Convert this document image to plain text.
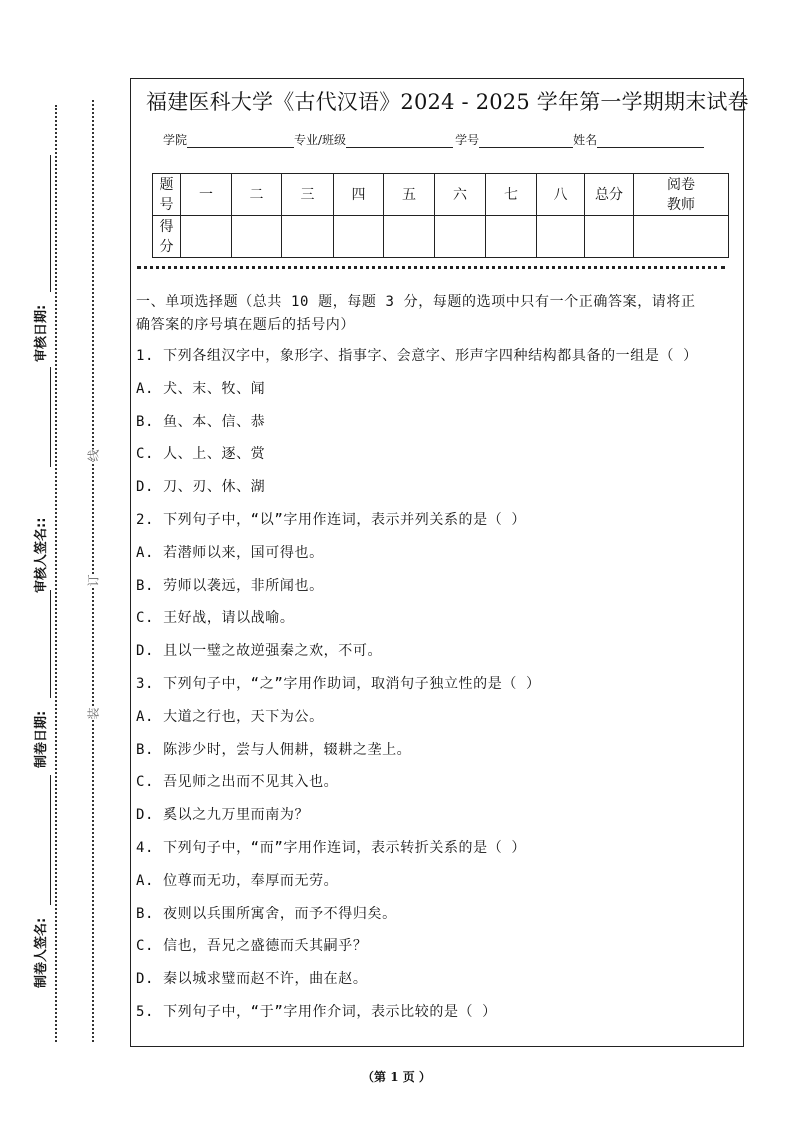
线
订
装
制卷人签名:
制卷日期:
审核人签名::
审核日期:
福建医科大学《古代汉语》2024 - 2025 学年第一学期期末试卷
学院	专业/班级	学号	姓名
题
号	一	二	三	四	五	六	七	八	总分	阅卷
教师
得
分										
一、单项选择题（总共 10 题，每题 3 分，每题的选项中只有一个正确答案，请将正
确答案的序号填在题后的括号内）
1. 下列各组汉字中，象形字、指事字、会意字、形声字四种结构都具备的一组是（ ）
A. 犬、末、牧、闻
B. 鱼、本、信、恭
C. 人、上、逐、赏
D. 刀、刃、休、湖
2. 下列句子中，“以”字用作连词，表示并列关系的是（ ）
A. 若潜师以来，国可得也。
B. 劳师以袭远，非所闻也。
C. 王好战，请以战喻。
D. 且以一璧之故逆强秦之欢，不可。
3. 下列句子中，“之”字用作助词，取消句子独立性的是（ ）
A. 大道之行也，天下为公。
B. 陈涉少时，尝与人佣耕，辍耕之垄上。
C. 吾见师之出而不见其入也。
D. 奚以之九万里而南为？
4. 下列句子中，“而”字用作连词，表示转折关系的是（ ）
A. 位尊而无功，奉厚而无劳。
B. 夜则以兵围所寓舍，而予不得归矣。
C. 信也，吾兄之盛德而夭其嗣乎？
D. 秦以城求璧而赵不许，曲在赵。
5. 下列句子中，“于”字用作介词，表示比较的是（ ）
（第 1 页 ）
